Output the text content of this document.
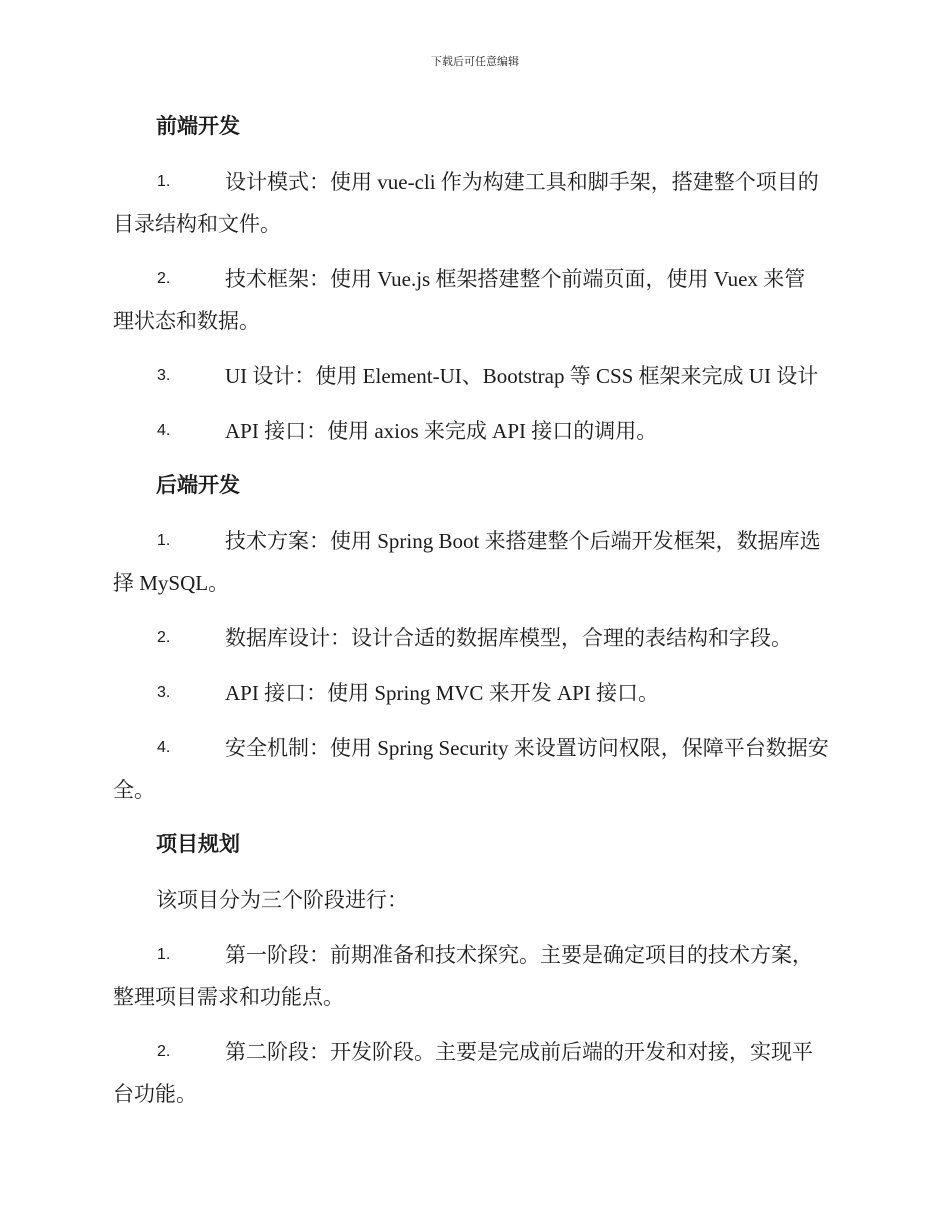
下载后可任意编辑
前端开发
1.	设计模式：使用 vue-cli 作为构建工具和脚手架，搭建整个项目的
目录结构和文件。
2.	技术框架：使用 Vue.js 框架搭建整个前端页面，使用 Vuex 来管
理状态和数据。
3.	UI 设计：使用 Element-UI、Bootstrap 等 CSS 框架来完成 UI 设计
4.	API 接口：使用 axios 来完成 API 接口的调用。
后端开发
1.	技术方案：使用 Spring Boot 来搭建整个后端开发框架，数据库选
择 MySQL。
2.	数据库设计：设计合适的数据库模型，合理的表结构和字段。
3.	API 接口：使用 Spring MVC 来开发 API 接口。
4.	安全机制：使用 Spring Security 来设置访问权限，保障平台数据安
全。
项目规划
该项目分为三个阶段进行：
1.	第一阶段：前期准备和技术探究。主要是确定项目的技术方案，
整理项目需求和功能点。
2.	第二阶段：开发阶段。主要是完成前后端的开发和对接，实现平
台功能。
